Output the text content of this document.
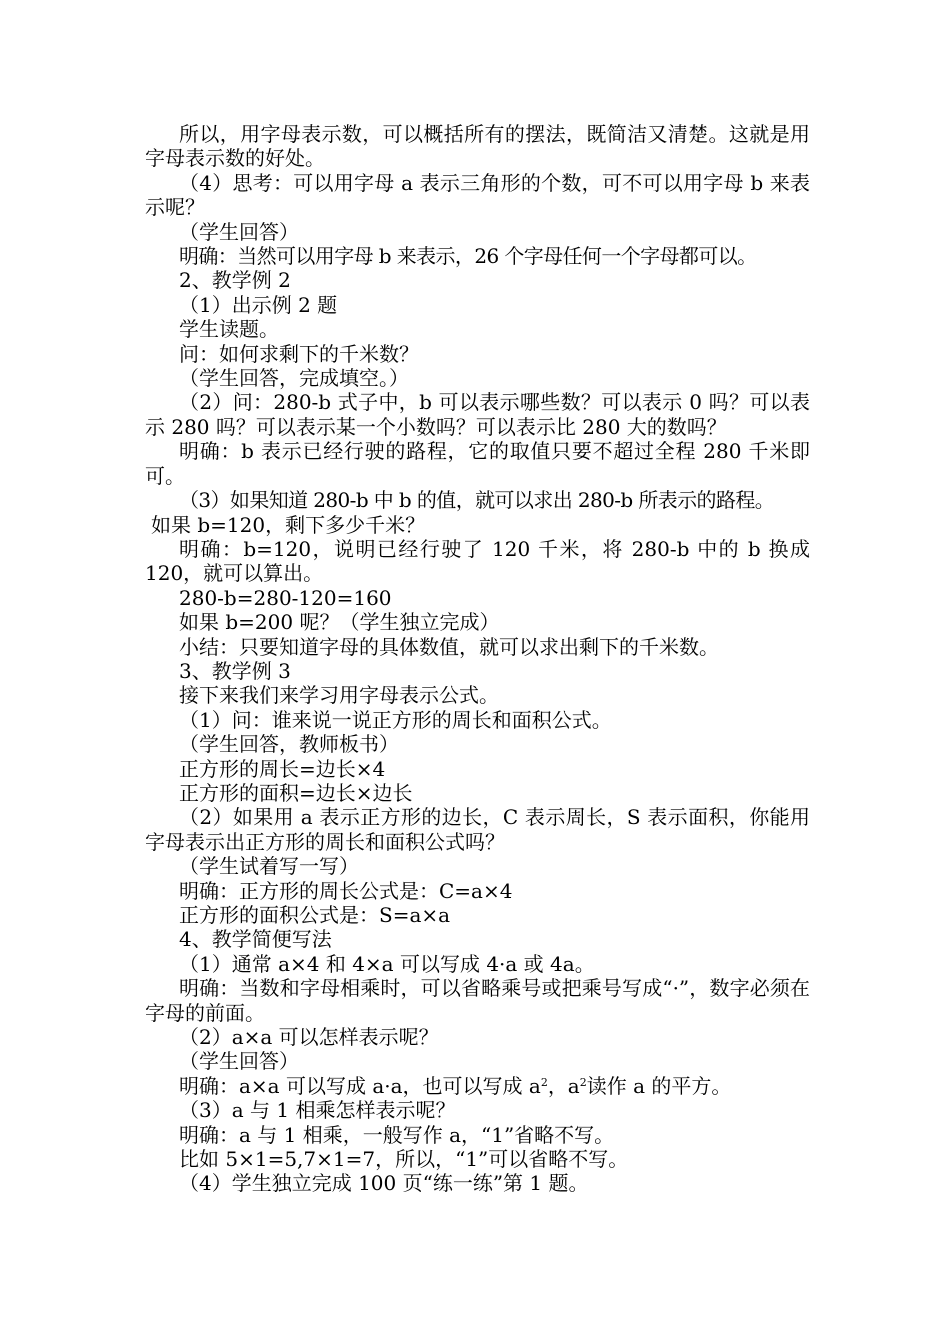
所以，用字母表示数，可以概括所有的摆法，既简洁又清楚。这就是用字母表示数的好处。

（4）思考：可以用字母 a 表示三角形的个数，可不可以用字母 b 来表示呢？

（学生回答）

明确：当然可以用字母 b 来表示，26 个字母任何一个字母都可以。

2、教学例 2

（1）出示例 2 题

学生读题。

问：如何求剩下的千米数？

（学生回答，完成填空。）

（2）问：280-b 式子中，b 可以表示哪些数？可以表示 0 吗？可以表示 280 吗？可以表示某一个小数吗？可以表示比 280 大的数吗？

明确：b 表示已经行驶的路程，它的取值只要不超过全程 280 千米即可。

（3）如果知道 280-b 中 b 的值，就可以求出 280-b 所表示的路程。

如果 b=120，剩下多少千米？

明确：b=120，说明已经行驶了 120 千米，将 280-b 中的 b 换成 120，就可以算出。

280-b=280-120=160

如果 b=200 呢？（学生独立完成）

小结：只要知道字母的具体数值，就可以求出剩下的千米数。

3、教学例 3

接下来我们来学习用字母表示公式。

（1）问：谁来说一说正方形的周长和面积公式。

（学生回答，教师板书）

正方形的周长=边长×4

正方形的面积=边长×边长

（2）如果用 a 表示正方形的边长，C 表示周长，S 表示面积，你能用字母表示出正方形的周长和面积公式吗？

（学生试着写一写）

明确：正方形的周长公式是：C=a×4

正方形的面积公式是：S=a×a

4、教学简便写法

（1）通常 a×4 和 4×a 可以写成 4·a 或 4a。

明确：当数和字母相乘时，可以省略乘号或把乘号写成“·”，数字必须在字母的前面。

（2）a×a 可以怎样表示呢？

（学生回答）

明确：a×a 可以写成 a·a，也可以写成 $a^2$，$a^2$读作 a 的平方。

（3）a 与 1 相乘怎样表示呢？

明确：a 与 1 相乘，一般写作 a，“1”省略不写。

比如 5×1=5,7×1=7，所以，“1”可以省略不写。

（4）学生独立完成 100 页“练一练”第 1 题。
